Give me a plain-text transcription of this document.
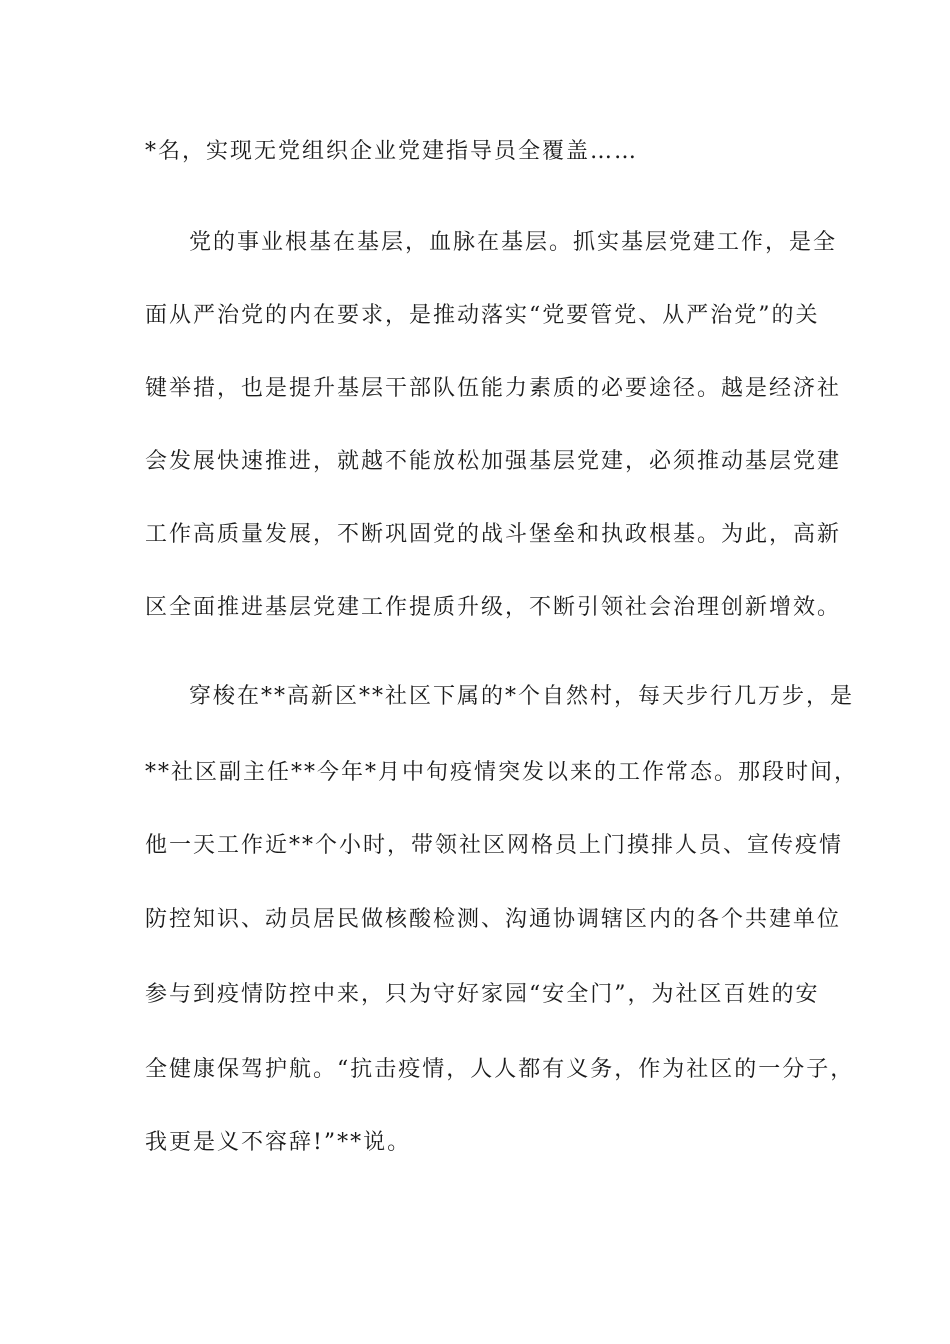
*名，实现无党组织企业党建指导员全覆盖……
党的事业根基在基层，血脉在基层。抓实基层党建工作，是全
面从严治党的内在要求，是推动落实“党要管党、从严治党”的关
键举措，也是提升基层干部队伍能力素质的必要途径。越是经济社
会发展快速推进，就越不能放松加强基层党建，必须推动基层党建
工作高质量发展，不断巩固党的战斗堡垒和执政根基。为此，高新
区全面推进基层党建工作提质升级，不断引领社会治理创新增效。
穿梭在**高新区**社区下属的*个自然村，每天步行几万步，是
**社区副主任**今年*月中旬疫情突发以来的工作常态。那段时间，
他一天工作近**个小时，带领社区网格员上门摸排人员、宣传疫情
防控知识、动员居民做核酸检测、沟通协调辖区内的各个共建单位
参与到疫情防控中来，只为守好家园“安全门”，为社区百姓的安
全健康保驾护航。“抗击疫情，人人都有义务，作为社区的一分子，
我更是义不容辞!”**说。
